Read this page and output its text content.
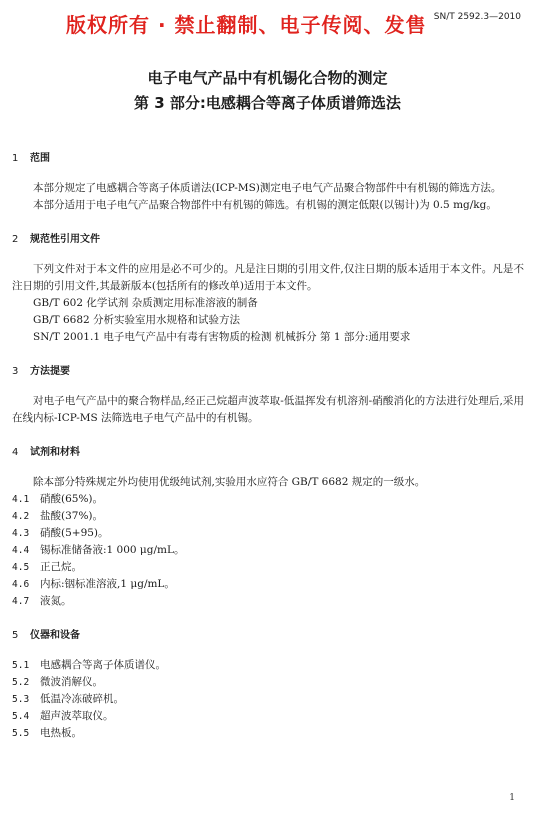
版权所有 · 禁止翻制、电子传阅、发售 SN/T 2592.3—2010
电子电气产品中有机锡化合物的测定
第 3 部分:电感耦合等离子体质谱筛选法

1 范围

本部分规定了电感耦合等离子体质谱法(ICP-MS)测定电子电气产品聚合物部件中有机锡的筛选方法。

本部分适用于电子电气产品聚合物部件中有机锡的筛选。有机锡的测定低限(以锡计)为 0.5 mg/kg。

2 规范性引用文件

下列文件对于本文件的应用是必不可少的。凡是注日期的引用文件,仅注日期的版本适用于本文件。凡是不注日期的引用文件,其最新版本(包括所有的修改单)适用于本文件。

GB/T 602 化学试剂 杂质测定用标准溶液的制备

GB/T 6682 分析实验室用水规格和试验方法

SN/T 2001.1 电子电气产品中有毒有害物质的检测 机械拆分 第 1 部分:通用要求

3 方法提要

对电子电气产品中的聚合物样品,经正己烷超声波萃取-低温挥发有机溶剂-硝酸消化的方法进行处理后,采用在线内标-ICP-MS 法筛选电子电气产品中的有机锡。

4 试剂和材料

除本部分特殊规定外均使用优级纯试剂,实验用水应符合 GB/T 6682 规定的一级水。

4.1 硝酸(65%)。

4.2 盐酸(37%)。

4.3 硝酸(5+95)。

4.4 锡标准储备液:1 000 μg/mL。

4.5 正己烷。

4.6 内标:铟标准溶液,1 μg/mL。

4.7 液氮。

5 仪器和设备

5.1 电感耦合等离子体质谱仪。

5.2 微波消解仪。

5.3 低温冷冻破碎机。

5.4 超声波萃取仪。

5.5 电热板。

1
